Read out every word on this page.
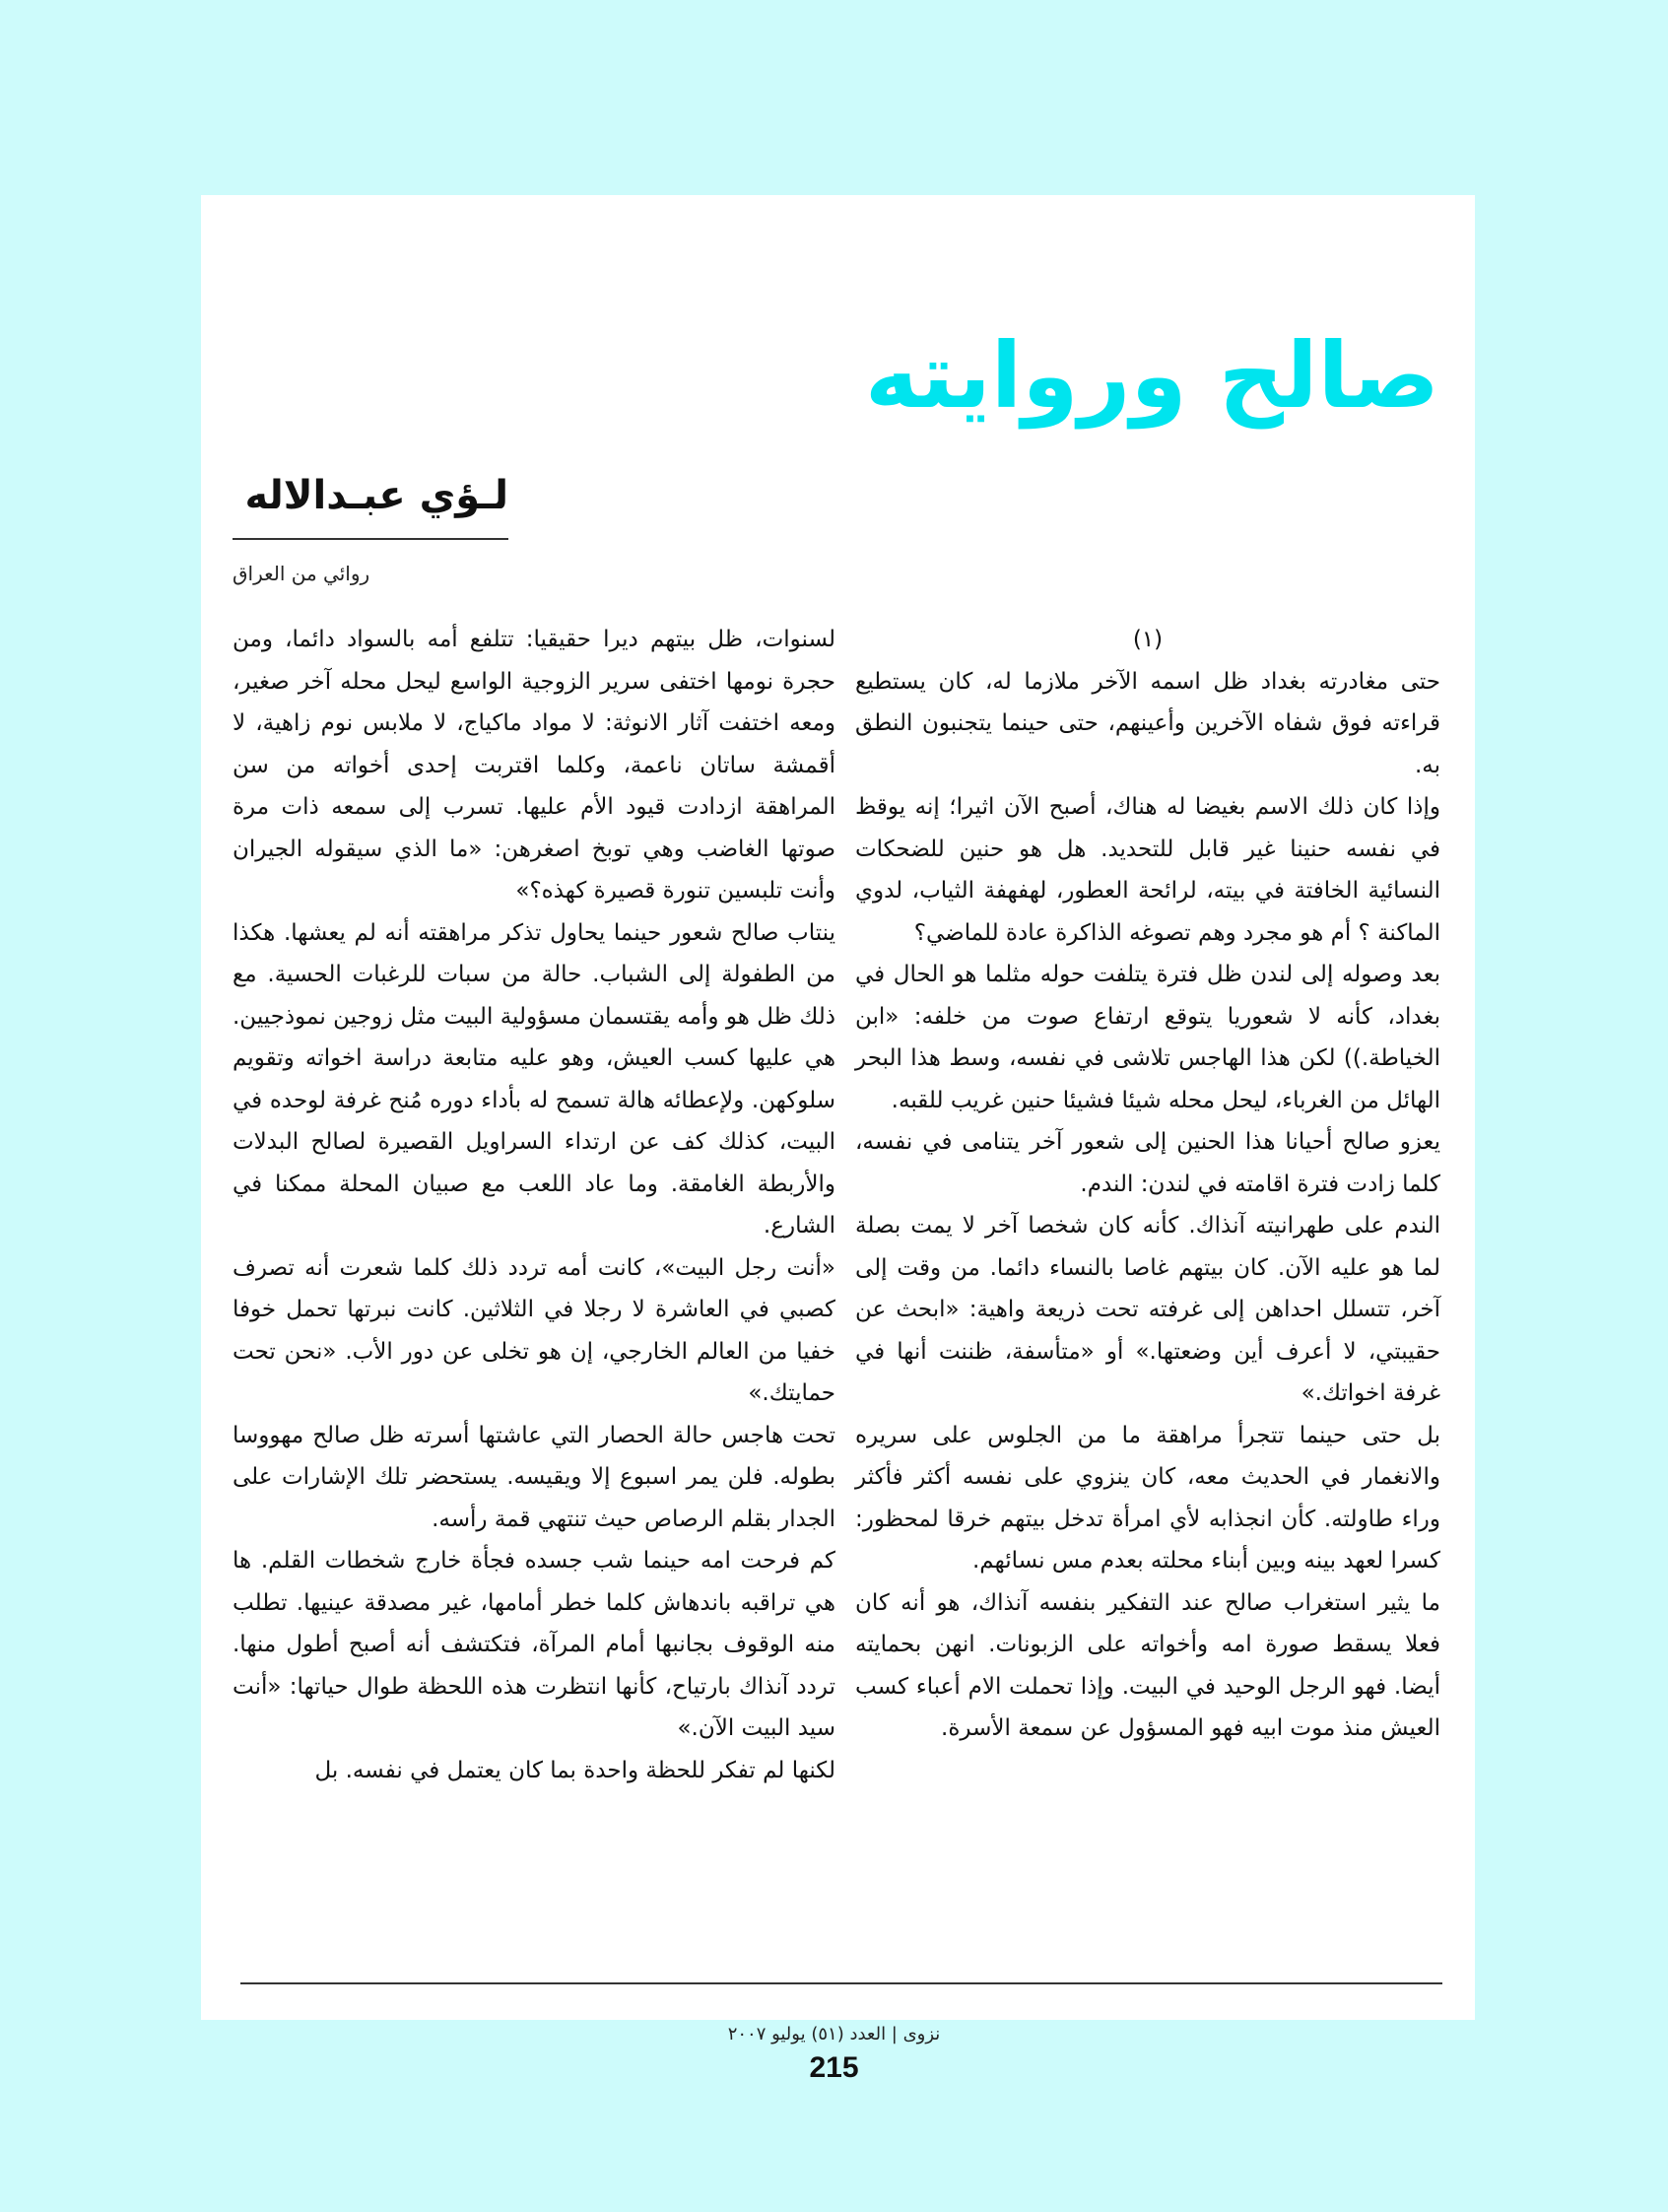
صالح وروايته
لـؤي عبـدالاله
روائي من العراق

(١)

حتى مغادرته بغداد ظل اسمه الآخر ملازما له، كان يستطيع قراءته فوق شفاه الآخرين وأعينهم، حتى حينما يتجنبون النطق به.

وإذا كان ذلك الاسم بغيضا له هناك، أصبح الآن اثيرا؛ إنه يوقظ في نفسه حنينا غير قابل للتحديد. هل هو حنين للضحكات النسائية الخافتة في بيته، لرائحة العطور، لهفهفة الثياب، لدوي الماكنة ؟ أم هو مجرد وهم تصوغه الذاكرة عادة للماضي؟

بعد وصوله إلى لندن ظل فترة يتلفت حوله مثلما هو الحال في بغداد، كأنه لا شعوريا يتوقع ارتفاع صوت من خلفه: «ابن الخياطة.)) لكن هذا الهاجس تلاشى في نفسه، وسط هذا البحر الهائل من الغرباء، ليحل محله شيئا فشيئا حنين غريب للقبه.

يعزو صالح أحيانا هذا الحنين إلى شعور آخر يتنامى في نفسه، كلما زادت فترة اقامته في لندن: الندم.

الندم على طهرانيته آنذاك. كأنه كان شخصا آخر لا يمت بصلة لما هو عليه الآن. كان بيتهم غاصا بالنساء دائما. من وقت إلى آخر، تتسلل احداهن إلى غرفته تحت ذريعة واهية: «ابحث عن حقيبتي، لا أعرف أين وضعتها.» أو «متأسفة، ظننت أنها في غرفة اخواتك.»

بل حتى حينما تتجرأ مراهقة ما من الجلوس على سريره والانغمار في الحديث معه، كان ينزوي على نفسه أكثر فأكثر وراء طاولته. كأن انجذابه لأي امرأة تدخل بيتهم خرقا لمحظور: كسرا لعهد بينه وبين أبناء محلته بعدم مس نسائهم.

ما يثير استغراب صالح عند التفكير بنفسه آنذاك، هو أنه كان فعلا يسقط صورة امه وأخواته على الزبونات. انهن بحمايته أيضا. فهو الرجل الوحيد في البيت. وإذا تحملت الام أعباء كسب العيش منذ موت ابيه فهو المسؤول عن سمعة الأسرة.

لسنوات، ظل بيتهم ديرا حقيقيا: تتلفع أمه بالسواد دائما، ومن حجرة نومها اختفى سرير الزوجية الواسع ليحل محله آخر صغير، ومعه اختفت آثار الانوثة: لا مواد ماكياج، لا ملابس نوم زاهية، لا أقمشة ساتان ناعمة، وكلما اقتربت إحدى أخواته من سن المراهقة ازدادت قيود الأم عليها. تسرب إلى سمعه ذات مرة صوتها الغاضب وهي توبخ اصغرهن: «ما الذي سيقوله الجيران وأنت تلبسين تنورة قصيرة كهذه؟»

ينتاب صالح شعور حينما يحاول تذكر مراهقته أنه لم يعشها. هكذا من الطفولة إلى الشباب. حالة من سبات للرغبات الحسية. مع ذلك ظل هو وأمه يقتسمان مسؤولية البيت مثل زوجين نموذجيين. هي عليها كسب العيش، وهو عليه متابعة دراسة اخواته وتقويم سلوكهن. ولإعطائه هالة تسمح له بأداء دوره مُنح غرفة لوحده في البيت، كذلك كف عن ارتداء السراويل القصيرة لصالح البدلات والأربطة الغامقة. وما عاد اللعب مع صبيان المحلة ممكنا في الشارع.

«أنت رجل البيت»، كانت أمه تردد ذلك كلما شعرت أنه تصرف كصبي في العاشرة لا رجلا في الثلاثين. كانت نبرتها تحمل خوفا خفيا من العالم الخارجي، إن هو تخلى عن دور الأب. «نحن تحت حمايتك.»

تحت هاجس حالة الحصار التي عاشتها أسرته ظل صالح مهووسا بطوله. فلن يمر اسبوع إلا ويقيسه. يستحضر تلك الإشارات على الجدار بقلم الرصاص حيث تنتهي قمة رأسه.

كم فرحت امه حينما شب جسده فجأة خارج شخطات القلم. ها هي تراقبه باندهاش كلما خطر أمامها، غير مصدقة عينيها. تطلب منه الوقوف بجانبها أمام المرآة، فتكتشف أنه أصبح أطول منها. تردد آنذاك بارتياح، كأنها انتظرت هذه اللحظة طوال حياتها: «أنت سيد البيت الآن.»

لكنها لم تفكر للحظة واحدة بما كان يعتمل في نفسه. بل

نزوى | العدد (٥١) يوليو ٢٠٠٧
215
